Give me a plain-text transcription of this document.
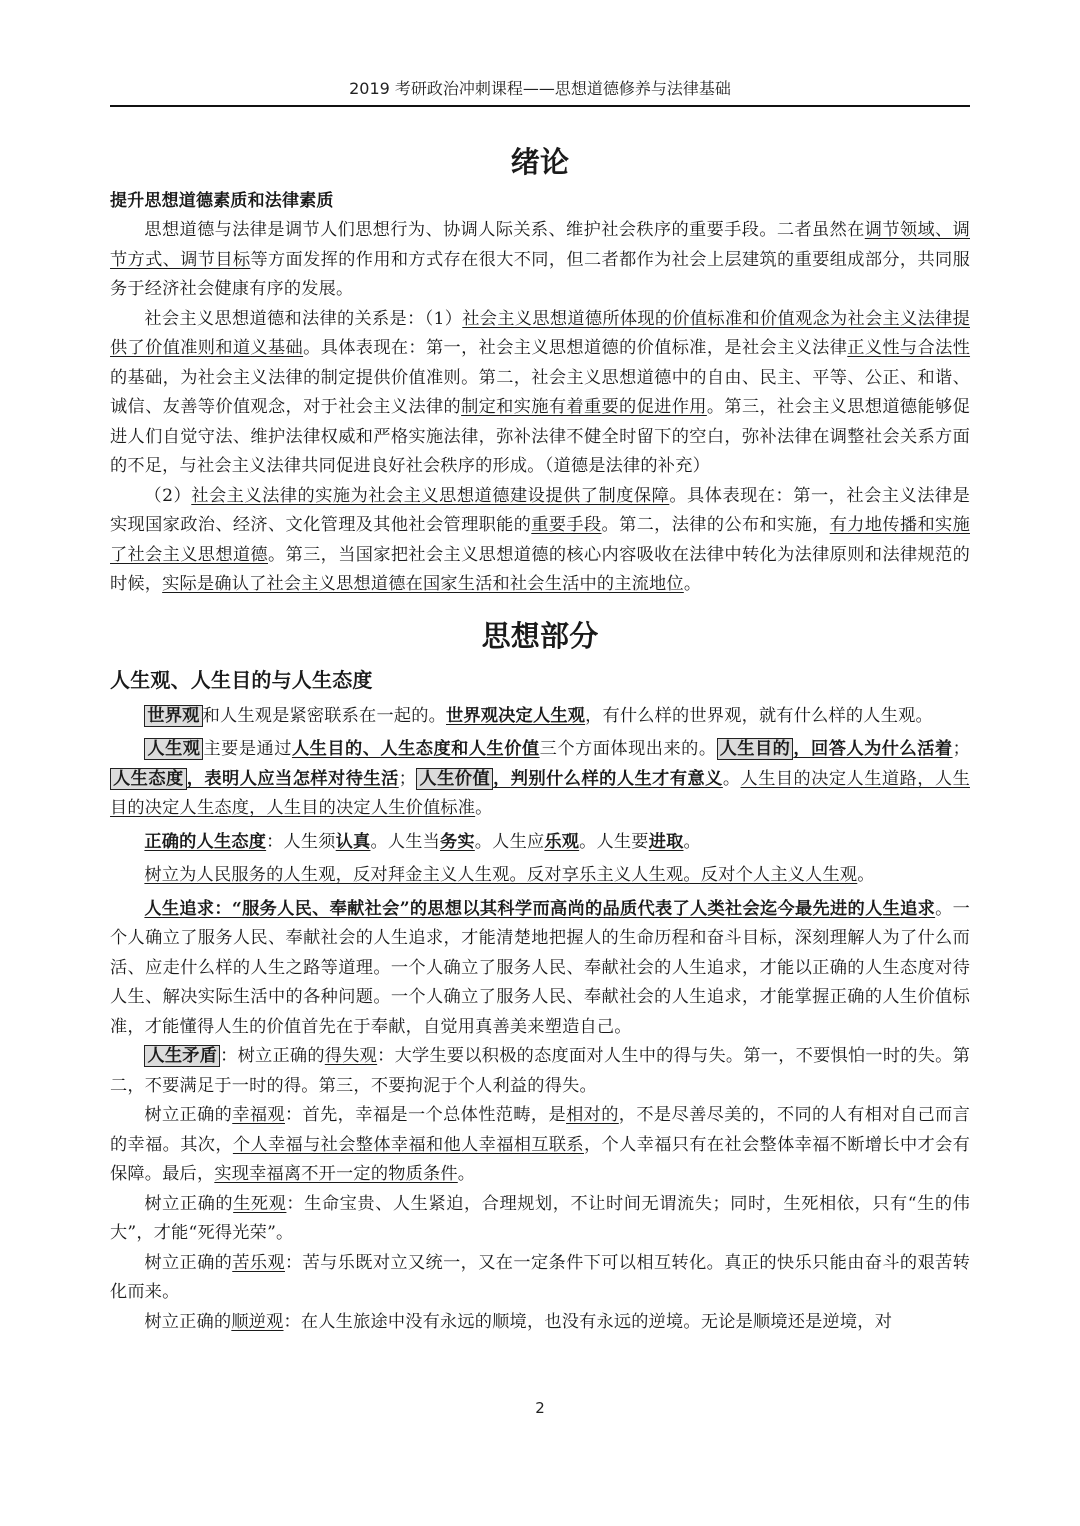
2019 考研政治冲刺课程——思想道德修养与法律基础
绪论
提升思想道德素质和法律素质

思想道德与法律是调节人们思想行为、协调人际关系、维护社会秩序的重要手段。二者虽然在调节领域、调节方式、调节目标等方面发挥的作用和方式存在很大不同，但二者都作为社会上层建筑的重要组成部分，共同服务于经济社会健康有序的发展。

社会主义思想道德和法律的关系是：（1）社会主义思想道德所体现的价值标准和价值观念为社会主义法律提供了价值准则和道义基础。具体表现在：第一，社会主义思想道德的价值标准，是社会主义法律正义性与合法性的基础，为社会主义法律的制定提供价值准则。第二，社会主义思想道德中的自由、民主、平等、公正、和谐、诚信、友善等价值观念，对于社会主义法律的制定和实施有着重要的促进作用。第三，社会主义思想道德能够促进人们自觉守法、维护法律权威和严格实施法律，弥补法律不健全时留下的空白，弥补法律在调整社会关系方面的不足，与社会主义法律共同促进良好社会秩序的形成。（道德是法律的补充）

（2）社会主义法律的实施为社会主义思想道德建设提供了制度保障。具体表现在：第一，社会主义法律是实现国家政治、经济、文化管理及其他社会管理职能的重要手段。第二，法律的公布和实施，有力地传播和实施了社会主义思想道德。第三，当国家把社会主义思想道德的核心内容吸收在法律中转化为法律原则和法律规范的时候，实际是确认了社会主义思想道德在国家生活和社会生活中的主流地位。

思想部分
人生观、人生目的与人生态度

世界观 和人生观是紧密联系在一起的。世界观决定人生观，有什么样的世界观，就有什么样的人生观。

人生观 主要是通过人生目的、人生态度和人生价值三个方面体现出来的。 人生目的 ，回答人为什么活着；人生态度 ，表明人应当怎样对待生活； 人生价值 ，判别什么样的人生才有意义。人生目的决定人生道路，人生目的决定人生态度，人生目的决定人生价值标准。

正确的人生态度：人生须认真。人生当务实。人生应乐观。人生要进取。

树立为人民服务的人生观，反对拜金主义人生观。反对享乐主义人生观。反对个人主义人生观。

人生追求：“服务人民、奉献社会”的思想以其科学而高尚的品质代表了人类社会迄今最先进的人生追求。一个人确立了服务人民、奉献社会的人生追求，才能清楚地把握人的生命历程和奋斗目标，深刻理解人为了什么而活、应走什么样的人生之路等道理。一个人确立了服务人民、奉献社会的人生追求，才能以正确的人生态度对待人生、解决实际生活中的各种问题。一个人确立了服务人民、奉献社会的人生追求，才能掌握正确的人生价值标准，才能懂得人生的价值首先在于奉献，自觉用真善美来塑造自己。

人生矛盾 ：树立正确的得失观：大学生要以积极的态度面对人生中的得与失。第一，不要惧怕一时的失。第二，不要满足于一时的得。第三，不要拘泥于个人利益的得失。

树立正确的幸福观：首先，幸福是一个总体性范畴，是相对的，不是尽善尽美的，不同的人有相对自己而言的幸福。其次，个人幸福与社会整体幸福和他人幸福相互联系，个人幸福只有在社会整体幸福不断增长中才会有保障。最后，实现幸福离不开一定的物质条件。

树立正确的生死观：生命宝贵、人生紧迫，合理规划，不让时间无谓流失；同时，生死相依，只有“生的伟大”，才能“死得光荣”。

树立正确的苦乐观：苦与乐既对立又统一，又在一定条件下可以相互转化。真正的快乐只能由奋斗的艰苦转化而来。

树立正确的顺逆观：在人生旅途中没有永远的顺境，也没有永远的逆境。无论是顺境还是逆境，对

2
